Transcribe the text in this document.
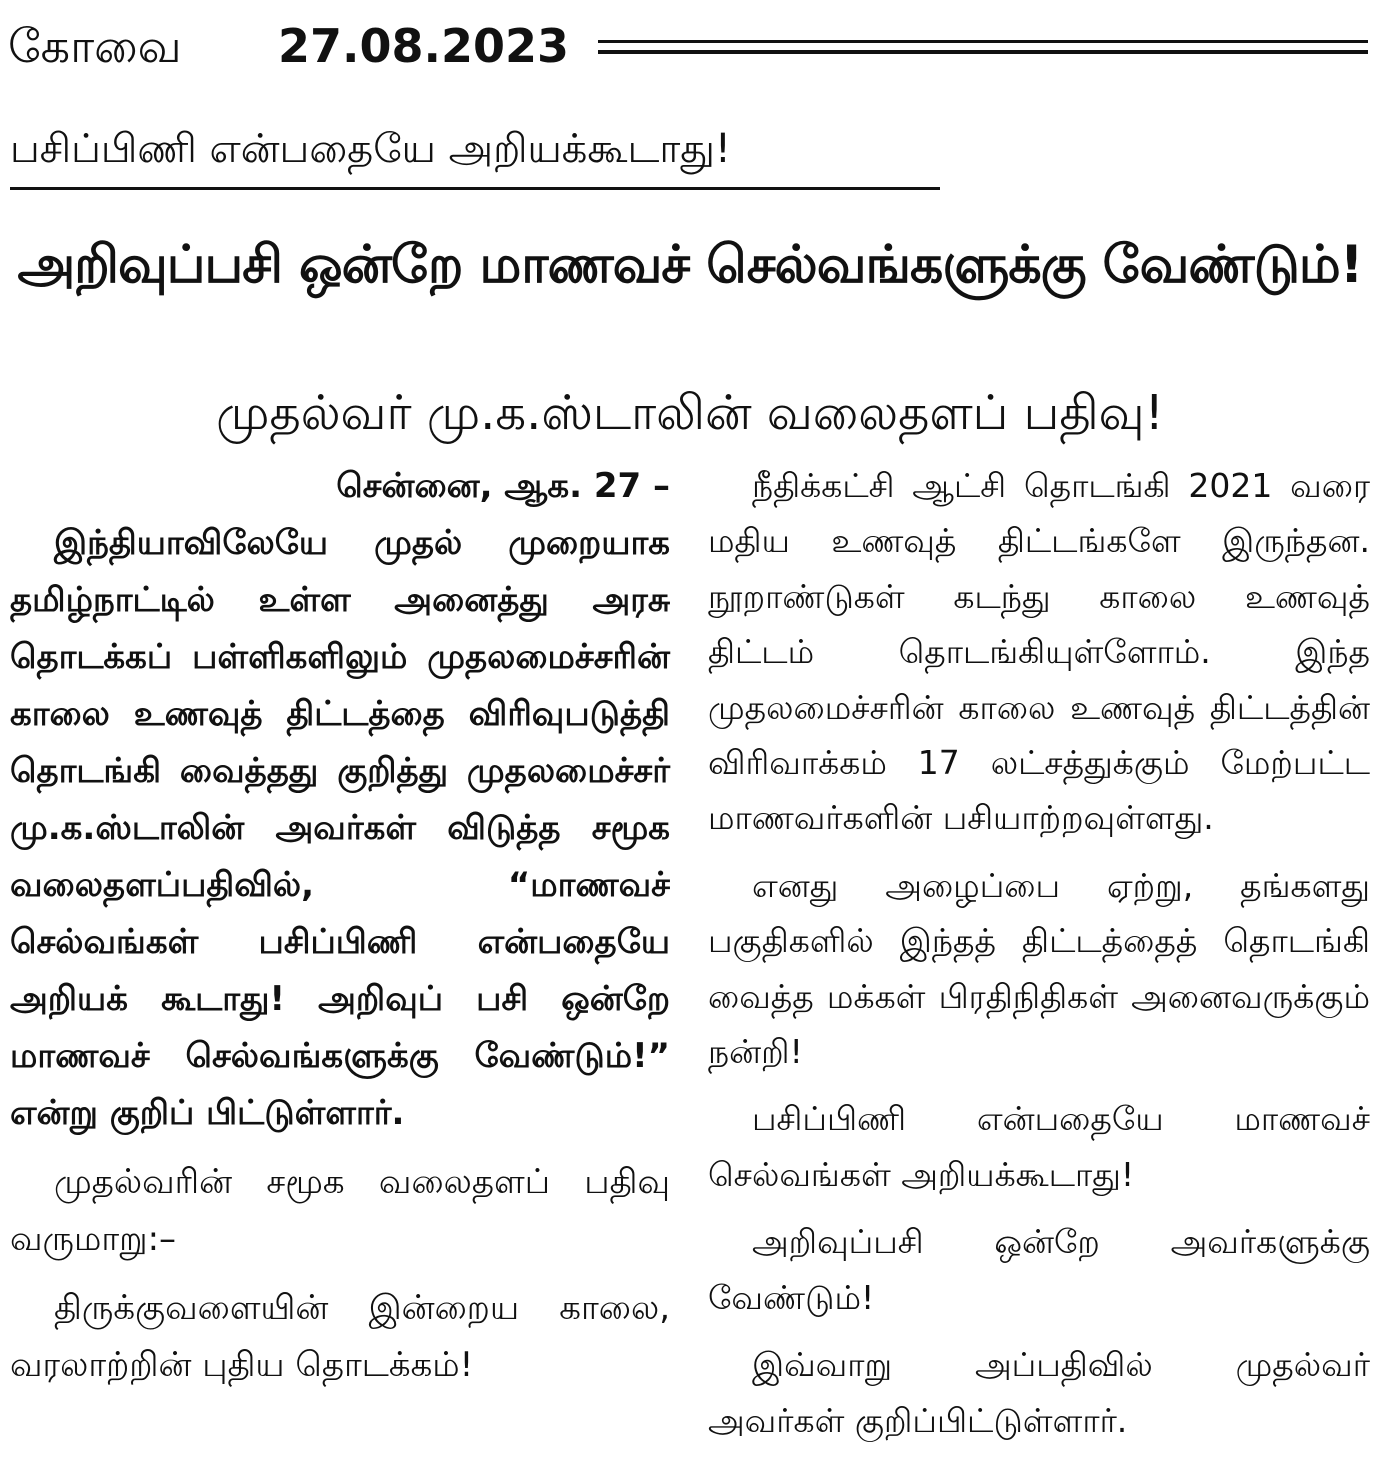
கோவை 27.08.2023
பசிப்பிணி என்பதையே அறியக்கூடாது!
அறிவுப்பசி ஒன்றே மாணவச் செல்வங்களுக்கு வேண்டும்!
முதல்வர் மு.க.ஸ்டாலின் வலைதளப் பதிவு!
சென்னை, ஆக. 27 –

இந்தியாவிலேயே முதல் முறையாக தமிழ்நாட்டில் உள்ள அனைத்து அரசு தொடக்கப் பள்ளிகளிலும் முதலமைச்சரின் காலை உணவுத் திட்டத்தை விரிவுபடுத்தி தொடங்கி வைத்தது குறித்து முதலமைச்சர் மு.க.ஸ்டாலின் அவர்கள் விடுத்த சமூக வலைதளப்பதிவில், “மாணவச் செல்வங்கள் பசிப்பிணி என்பதையே அறியக் கூடாது! அறிவுப் பசி ஒன்றே மாணவச் செல்வங்களுக்கு வேண்டும்!” என்று குறிப் பிட்டுள்ளார்.

முதல்வரின் சமூக வலைதளப் பதிவு வருமாறு:–

திருக்குவளையின் இன்றைய காலை, வரலாற்றின் புதிய தொடக்கம்!

நீதிக்கட்சி ஆட்சி தொடங்கி 2021 வரை மதிய உணவுத் திட்டங்களே இருந்தன. நூறாண்டுகள் கடந்து காலை உணவுத் திட்டம் தொடங்கியுள்ளோம். இந்த முதலமைச்சரின் காலை உணவுத் திட்டத்தின் விரிவாக்கம் 17 லட்சத்துக்கும் மேற்பட்ட மாணவர்களின் பசியாற்றவுள்ளது.

எனது அழைப்பை ஏற்று, தங்களது பகுதிகளில் இந்தத் திட்டத்தைத் தொடங்கி வைத்த மக்கள் பிரதிநிதிகள் அனைவருக்கும் நன்றி!

பசிப்பிணி என்பதையே மாணவச் செல்வங்கள் அறியக்கூடாது!

அறிவுப்பசி ஒன்றே அவர்களுக்கு வேண்டும்!

இவ்வாறு அப்பதிவில் முதல்வர் அவர்கள் குறிப்பிட்டுள்ளார்.
